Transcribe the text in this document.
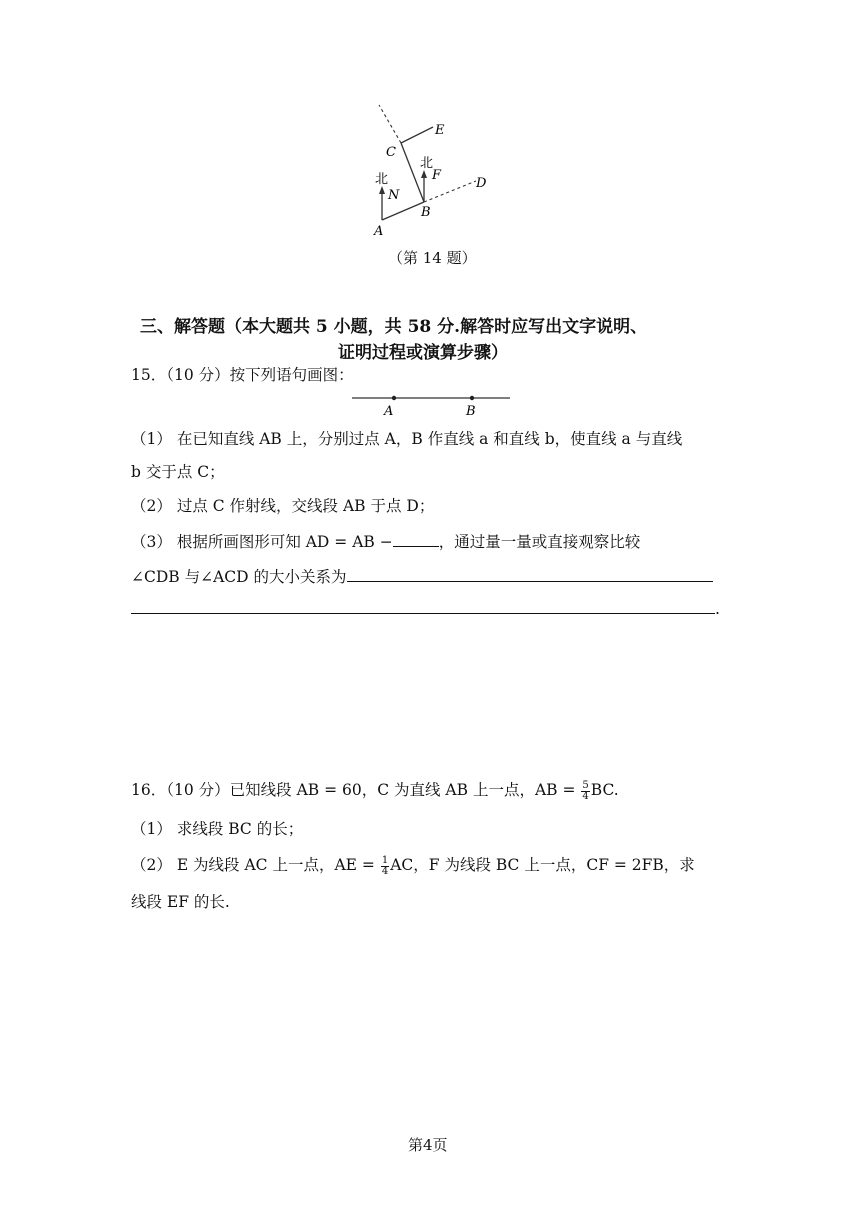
E
C
北
F
D
北
N
B
A
（第 14 题）
三、解答题（本大题共 5 小题，共 58 分.解答时应写出文字说明、
证明过程或演算步骤）
15．（10 分）按下列语句画图：
A	B
（1） 在已知直线 AB 上，分别过点 A，B 作直线 a 和直线 b，使直线 a 与直线
b 交于点 C；
（2） 过点 C 作射线，交线段 AB 于点 D；
（3） 根据所画图形可知 AD = AB −	，通过量一量或直接观察比较
∠CDB 与∠ACD 的大小关系为
.
16．（10 分）已知线段 AB = 60，C 为直线 AB 上一点，AB = $\frac{5}{4}$ BC.
（1） 求线段 BC 的长；
（2） E 为线段 AC 上一点，AE = $\frac{1}{4}$ AC，F 为线段 BC 上一点，CF = 2FB，求
线段 EF 的长.
第4页
